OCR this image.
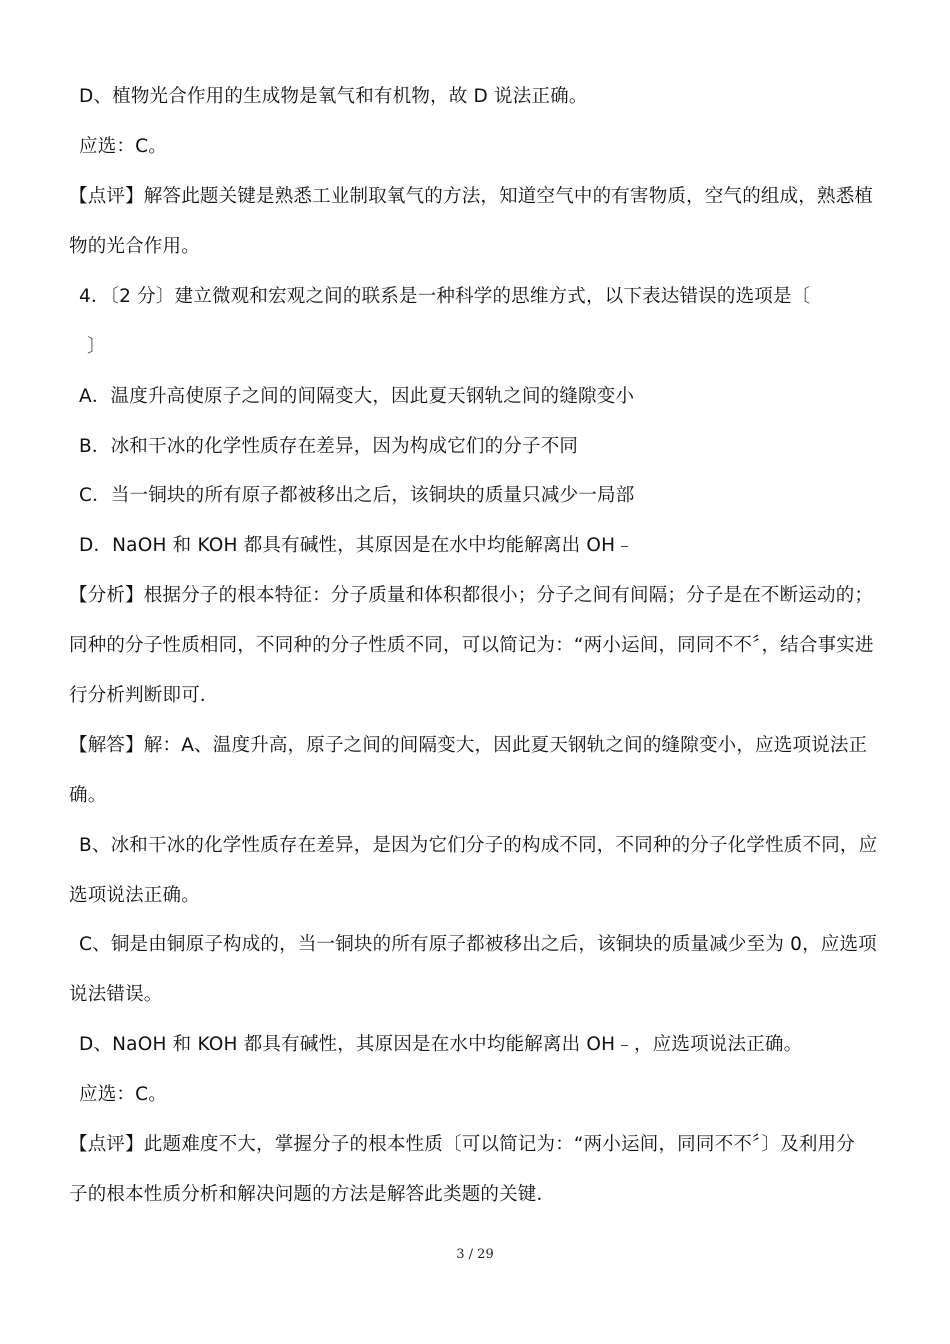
D、植物光合作用的生成物是氧气和有机物，故 D 说法正确。
应选：C。
【点评】解答此题关键是熟悉工业制取氧气的方法，知道空气中的有害物质，空气的组成，熟悉植
物的光合作用。
4．〔2 分〕建立微观和宏观之间的联系是一种科学的思维方式，以下表达错误的选项是〔
〕
A．温度升高使原子之间的间隔变大，因此夏天钢轨之间的缝隙变小
B．冰和干冰的化学性质存在差异，因为构成它们的分子不同
C．当一铜块的所有原子都被移出之后，该铜块的质量只减少一局部
D．NaOH 和 KOH 都具有碱性，其原因是在水中均能解离出 OH﹣
【分析】根据分子的根本特征：分子质量和体积都很小；分子之间有间隔；分子是在不断运动的；
同种的分子性质相同，不同种的分子性质不同，可以简记为：“两小运间，同同不不〞，结合事实进
行分析判断即可．
【解答】解：A、温度升高，原子之间的间隔变大，因此夏天钢轨之间的缝隙变小，应选项说法正
确。
B、冰和干冰的化学性质存在差异，是因为它们分子的构成不同，不同种的分子化学性质不同，应
选项说法正确。
C、铜是由铜原子构成的，当一铜块的所有原子都被移出之后，该铜块的质量减少至为 0，应选项
说法错误。
D、NaOH 和 KOH 都具有碱性，其原因是在水中均能解离出 OH﹣，应选项说法正确。
应选：C。
【点评】此题难度不大，掌握分子的根本性质〔可以简记为：“两小运间，同同不不〞〕及利用分
子的根本性质分析和解决问题的方法是解答此类题的关键．
3 / 29
